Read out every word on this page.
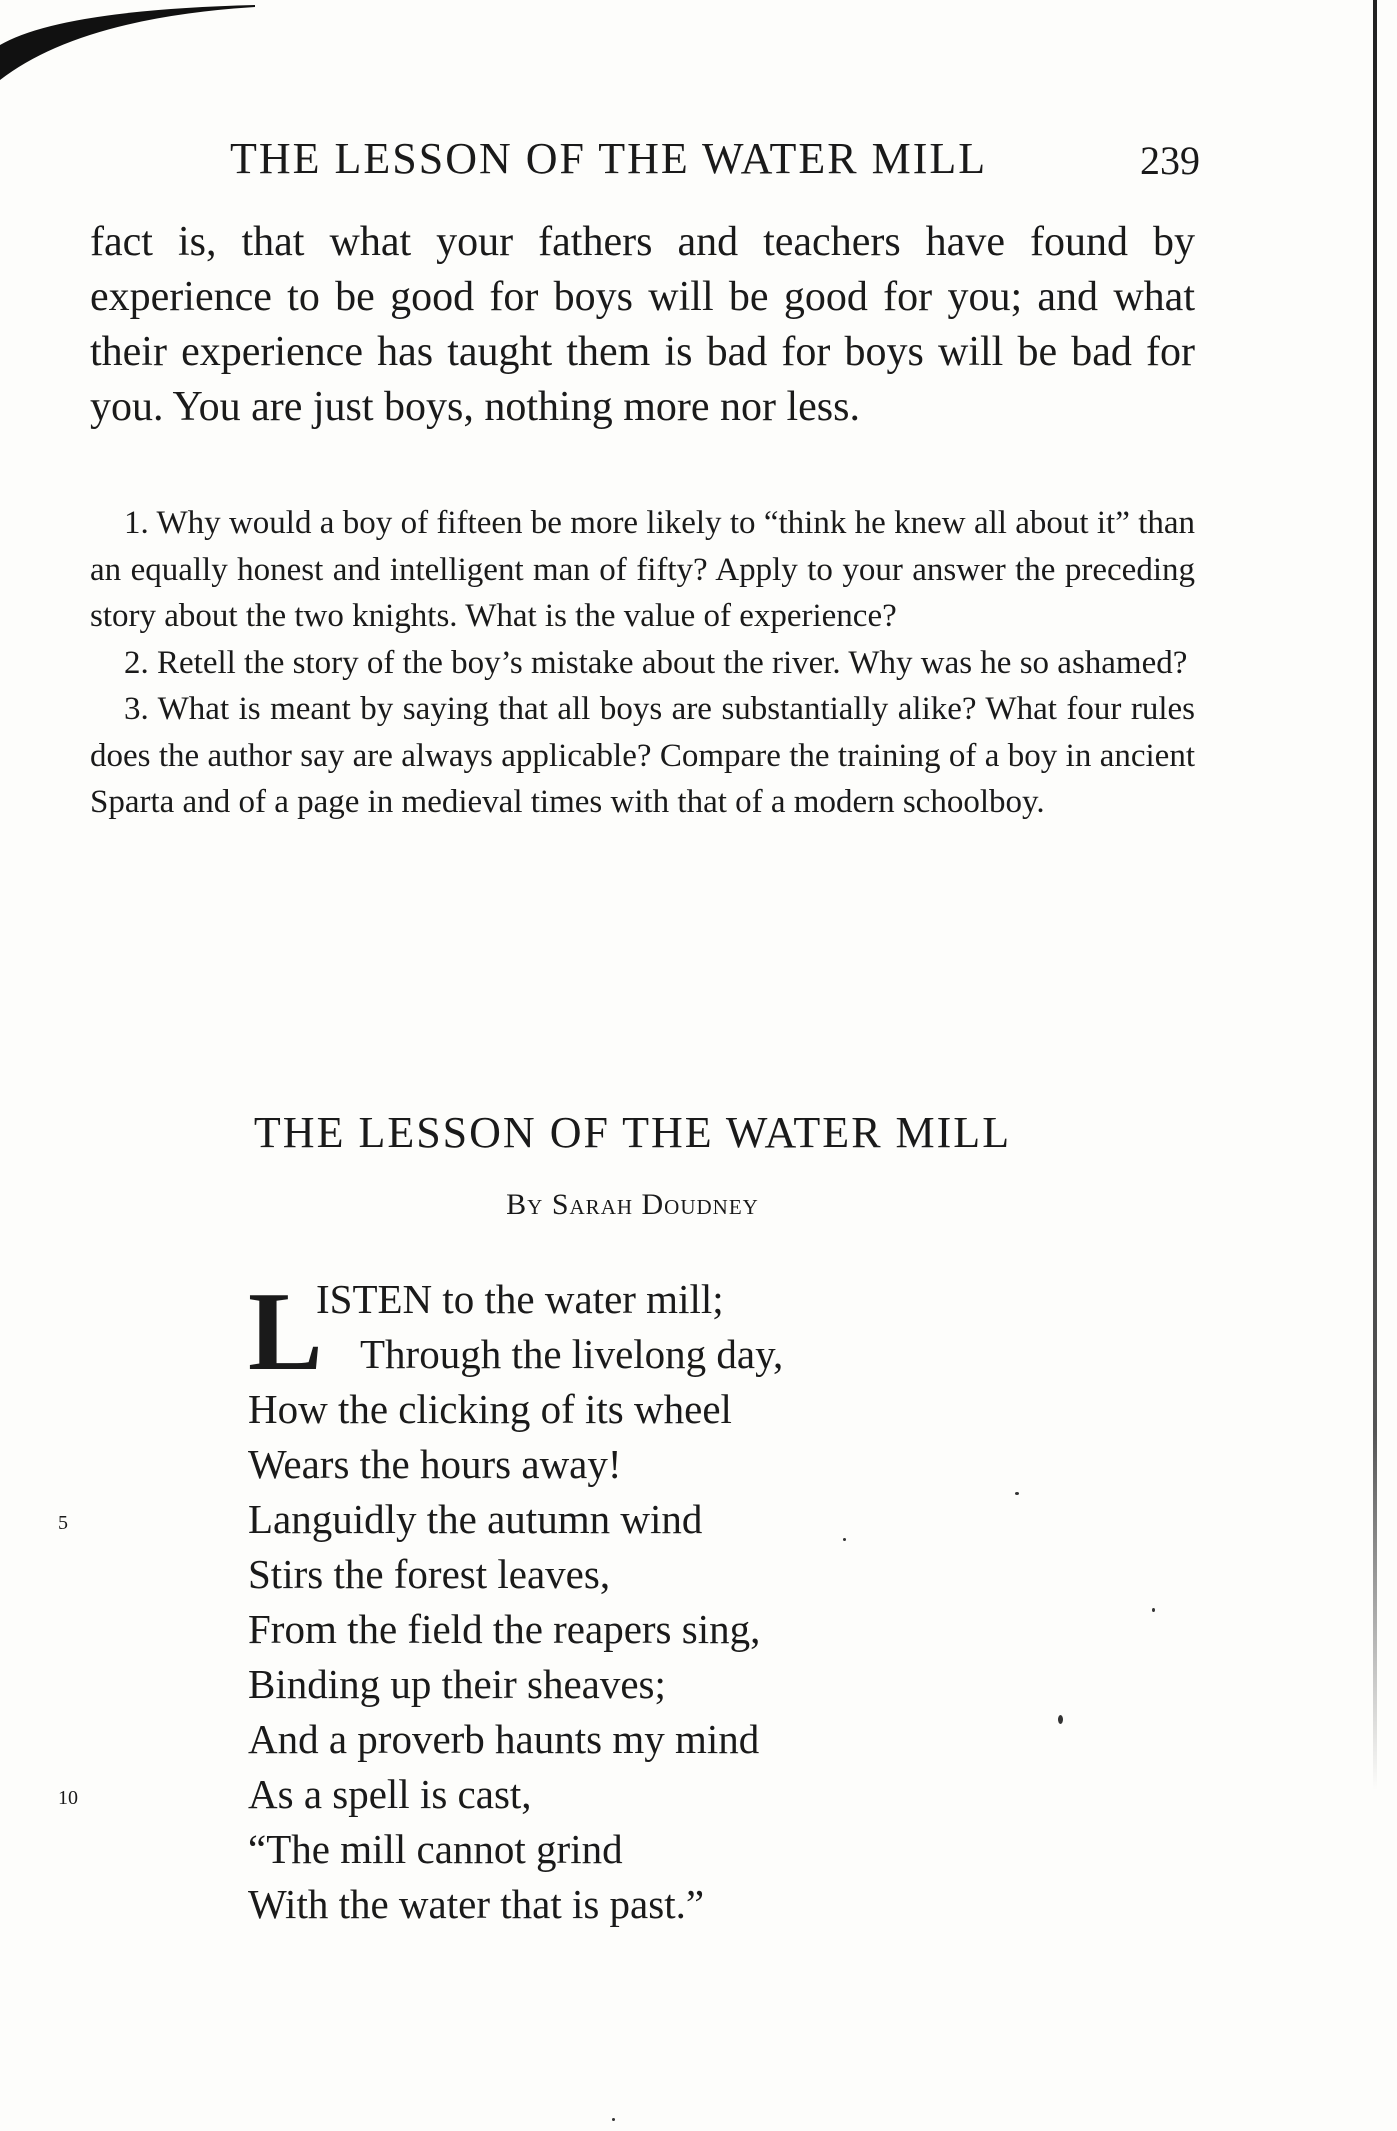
THE LESSON OF THE WATER MILL	239

fact is, that what your fathers and teachers have found by experience to be good for boys will be good for you; and what their experience has taught them is bad for boys will be bad for you. You are just boys, nothing more nor less.

1. Why would a boy of fifteen be more likely to “think he knew all about it” than an equally honest and intelligent man of fifty? Apply to your answer the preceding story about the two knights. What is the value of experience?

2. Retell the story of the boy’s mistake about the river. Why was he so ashamed?

3. What is meant by saying that all boys are substantially alike? What four rules does the author say are always applicable? Compare the training of a boy in ancient Sparta and of a page in medieval times with that of a modern schoolboy.

THE LESSON OF THE WATER MILL
By Sarah Doudney
5
10
L
ISTEN to the water mill;
Through the livelong day,
How the clicking of its wheel
Wears the hours away!
Languidly the autumn wind
Stirs the forest leaves,
From the field the reapers sing,
Binding up their sheaves;
And a proverb haunts my mind
As a spell is cast,
“The mill cannot grind
With the water that is past.”
